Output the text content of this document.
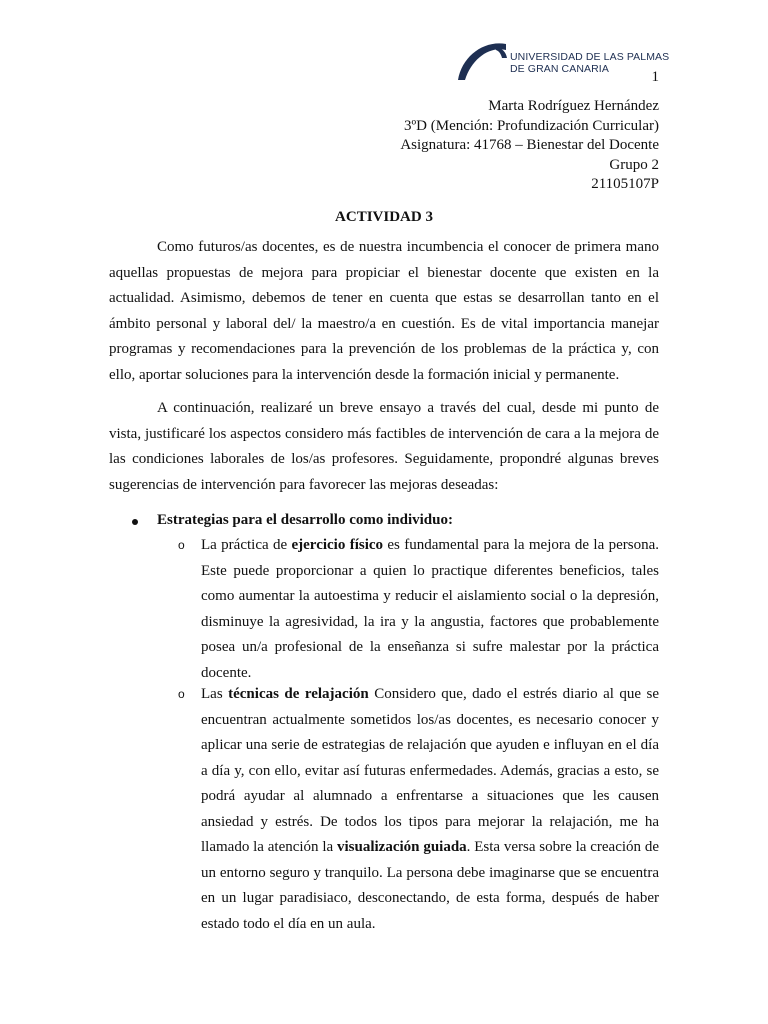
UNIVERSIDAD DE LAS PALMAS
DE GRAN CANARIA
1
Marta Rodríguez Hernández
3ºD (Mención: Profundización Curricular)
Asignatura: 41768 – Bienestar del Docente
Grupo 2
21105107P
ACTIVIDAD 3

Como futuros/as docentes, es de nuestra incumbencia el conocer de primera mano aquellas propuestas de mejora para propiciar el bienestar docente que existen en la actualidad. Asimismo, debemos de tener en cuenta que estas se desarrollan tanto en el ámbito personal y laboral del/ la maestro/a en cuestión. Es de vital importancia manejar programas y recomendaciones para la prevención de los problemas de la práctica y, con ello, aportar soluciones para la intervención desde la formación inicial y permanente.

A continuación, realizaré un breve ensayo a través del cual, desde mi punto de vista, justificaré los aspectos considero más factibles de intervención de cara a la mejora de las condiciones laborales de los/as profesores. Seguidamente, propondré algunas breves sugerencias de intervención para favorecer las mejoras deseadas:

Estrategias para el desarrollo como individuo:

o La práctica de ejercicio físico es fundamental para la mejora de la persona. Este puede proporcionar a quien lo practique diferentes beneficios, tales como aumentar la autoestima y reducir el aislamiento social o la depresión, disminuye la agresividad, la ira y la angustia, factores que probablemente posea un/a profesional de la enseñanza si sufre malestar por la práctica docente.

o Las técnicas de relajación Considero que, dado el estrés diario al que se encuentran actualmente sometidos los/as docentes, es necesario conocer y aplicar una serie de estrategias de relajación que ayuden e influyan en el día a día y, con ello, evitar así futuras enfermedades. Además, gracias a esto, se podrá ayudar al alumnado a enfrentarse a situaciones que les causen ansiedad y estrés. De todos los tipos para mejorar la relajación, me ha llamado la atención la visualización guiada. Esta versa sobre la creación de un entorno seguro y tranquilo. La persona debe imaginarse que se encuentra en un lugar paradisiaco, desconectando, de esta forma, después de haber estado todo el día en un aula.
